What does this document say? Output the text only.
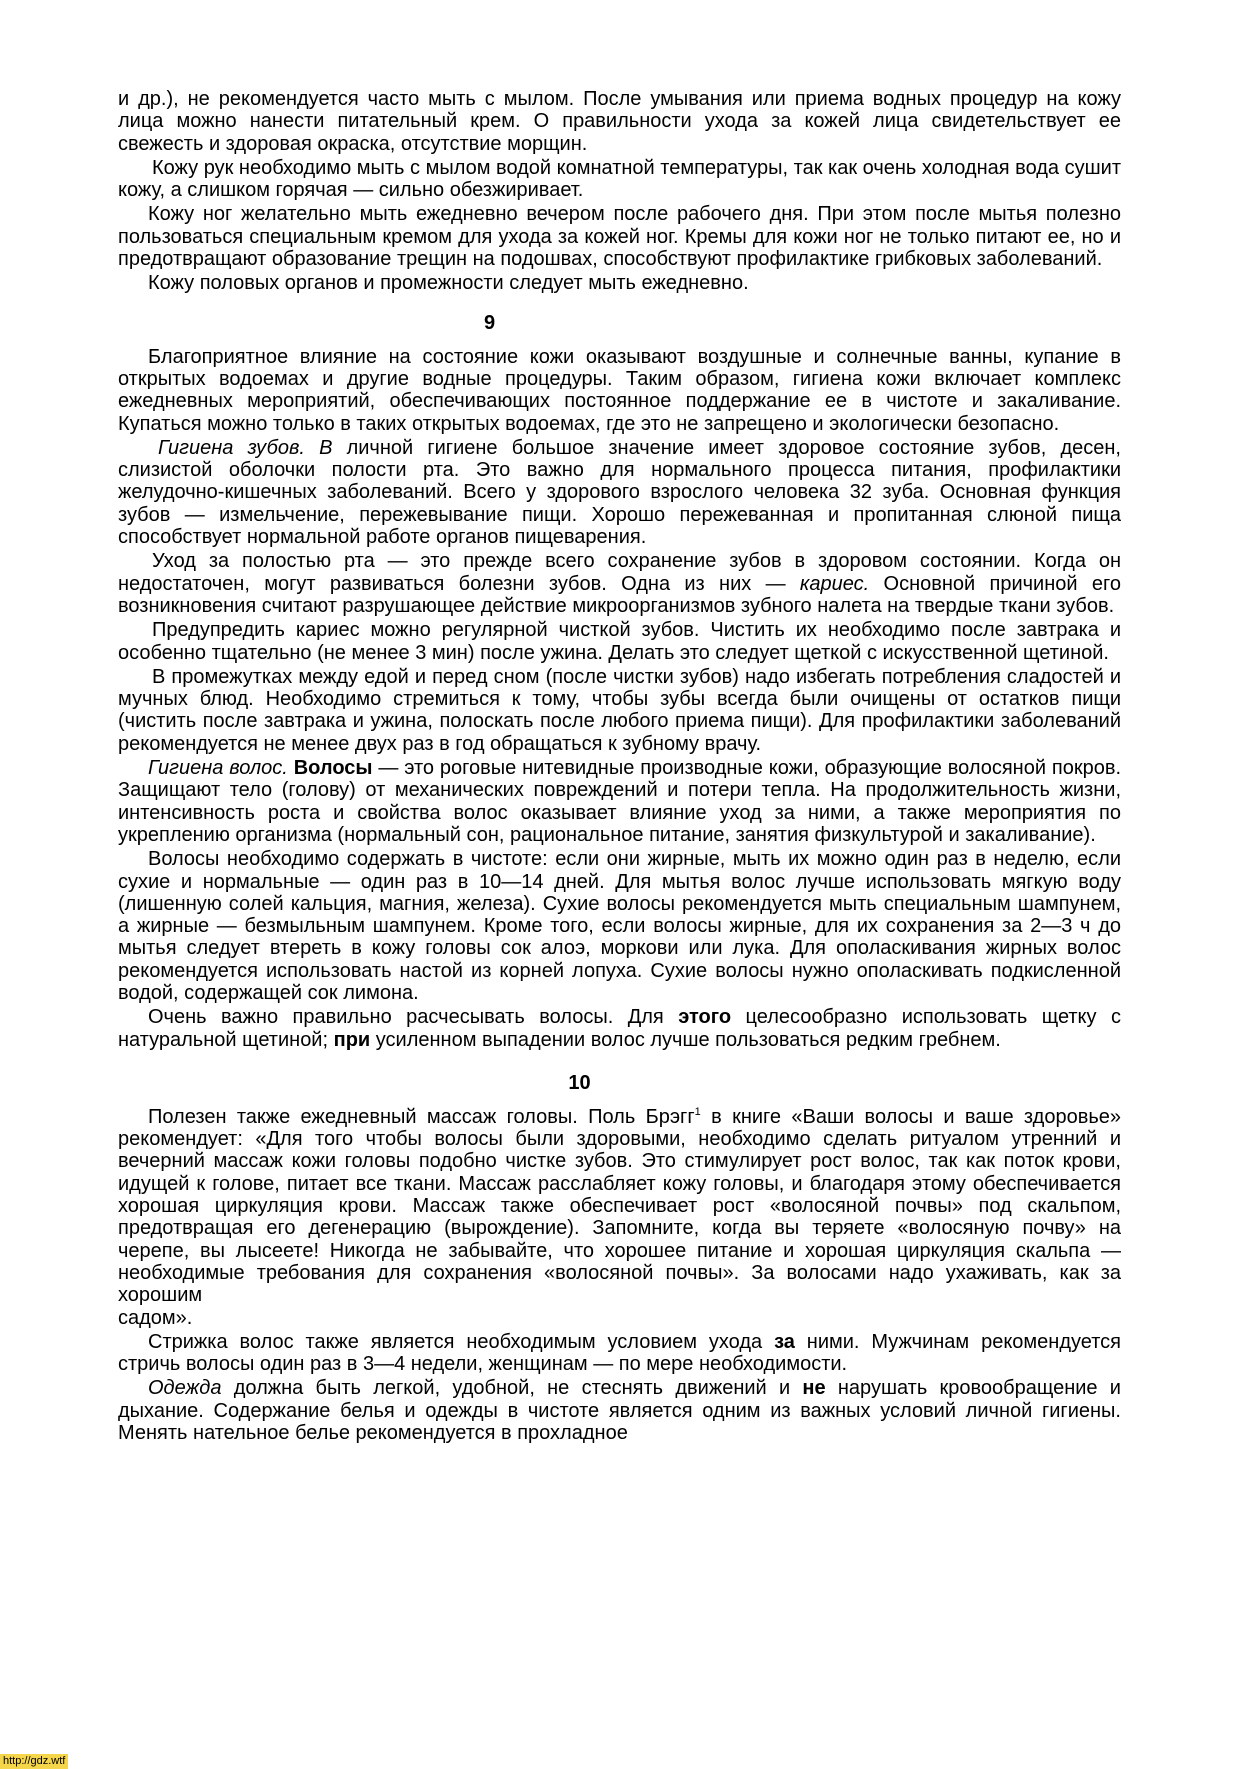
и др.), не рекомендуется часто мыть с мылом. После умывания или приема водных процедур на кожу лица можно нанести питательный крем. О правильности ухода за кожей лица свидетельствует ее свежесть и здоровая окраска, отсутствие морщин.

Кожу рук необходимо мыть с мылом водой комнатной температуры, так как очень холодная вода сушит кожу, а слишком горячая — сильно обезжиривает.

Кожу ног желательно мыть ежедневно вечером после рабочего дня. При этом после мытья полезно пользоваться специальным кремом для ухода за кожей ног. Кремы для кожи ног не только питают ее, но и предотвращают образование трещин на подошвах, способствуют профилактике грибковых заболеваний.

Кожу половых органов и промежности следует мыть ежедневно.

9

Благоприятное влияние на состояние кожи оказывают воздушные и солнечные ванны, купание в открытых водоемах и другие водные процедуры. Таким образом, гигиена кожи включает комплекс ежедневных мероприятий, обеспечивающих постоянное поддержание ее в чистоте и закаливание. Купаться можно только в таких открытых водоемах, где это не запрещено и экологически безопасно.

Гигиена зубов. В личной гигиене большое значение имеет здоровое состояние зубов, десен, слизистой оболочки полости рта. Это важно для нормального процесса питания, профилактики желудочно-кишечных заболеваний. Всего у здорового взрослого человека 32 зуба. Основная функция зубов — измельчение, пережевывание пищи. Хорошо пережеванная и пропитанная слюной пища способствует нормальной работе органов пищеварения.

Уход за полостью рта — это прежде всего сохранение зубов в здоровом состоянии. Когда он недостаточен, могут развиваться болезни зубов. Одна из них — кариес. Основной причиной его возникновения считают разрушающее действие микроорганизмов зубного налета на твердые ткани зубов.

Предупредить кариес можно регулярной чисткой зубов. Чистить их необходимо после завтрака и особенно тщательно (не менее 3 мин) после ужина. Делать это следует щеткой с искусственной щетиной.

В промежутках между едой и перед сном (после чистки зубов) надо избегать потребления сладостей и мучных блюд. Необходимо стремиться к тому, чтобы зубы всегда были очищены от остатков пищи (чистить после завтрака и ужина, полоскать после любого приема пищи). Для профилактики заболеваний рекомендуется не менее двух раз в год обращаться к зубному врачу.

Гигиена волос. Волосы — это роговые нитевидные производные кожи, образующие волосяной покров. Защищают тело (голову) от механических повреждений и потери тепла. На продолжительность жизни, интенсивность роста и свойства волос оказывает влияние уход за ними, а также мероприятия по укреплению организма (нормальный сон, рациональное питание, занятия физкультурой и закаливание).

Волосы необходимо содержать в чистоте: если они жирные, мыть их можно один раз в неделю, если сухие и нормальные — один раз в 10—14 дней. Для мытья волос лучше использовать мягкую воду (лишенную солей кальция, магния, железа). Сухие волосы рекомендуется мыть специальным шампунем, а жирные — безмыльным шампунем. Кроме того, если волосы жирные, для их сохранения за 2—3 ч до мытья следует втереть в кожу головы сок алоэ, моркови или лука. Для ополаскивания жирных волос рекомендуется использовать настой из корней лопуха. Сухие волосы нужно ополаскивать подкисленной водой, содержащей сок лимона.

Очень важно правильно расчесывать волосы. Для этого целесообразно использовать щетку с натуральной щетиной; при усиленном выпадении волос лучше пользоваться редким гребнем.

10

Полезен также ежедневный массаж головы. Поль Брэгг$^1$ в книге «Ваши волосы и ваше здоровье» рекомендует: «Для того чтобы волосы были здоровыми, необходимо сделать ритуалом утренний и вечерний массаж кожи головы подобно чистке зубов. Это стимулирует рост волос, так как поток крови, идущей к голове, питает все ткани. Массаж расслабляет кожу головы, и благодаря этому обеспечивается хорошая циркуляция крови. Массаж также обеспечивает рост «волосяной почвы» под скальпом, предотвращая его дегенерацию (вырождение). Запомните, когда вы теряете «волосяную почву» на черепе, вы лысеете! Никогда не забывайте, что хорошее питание и хорошая циркуляция скальпа — необходимые требования для сохранения «волосяной почвы». За волосами надо ухаживать, как за хорошим

садом».

Стрижка волос также является необходимым условием ухода за ними. Мужчинам рекомендуется стричь волосы один раз в 3—4 недели, женщинам — по мере необходимости.

Одежда должна быть легкой, удобной, не стеснять движений и не нарушать кровообращение и дыхание. Содержание белья и одежды в чистоте является одним из важных условий личной гигиены. Менять нательное белье рекомендуется в прохладное

http://gdz.wtf
